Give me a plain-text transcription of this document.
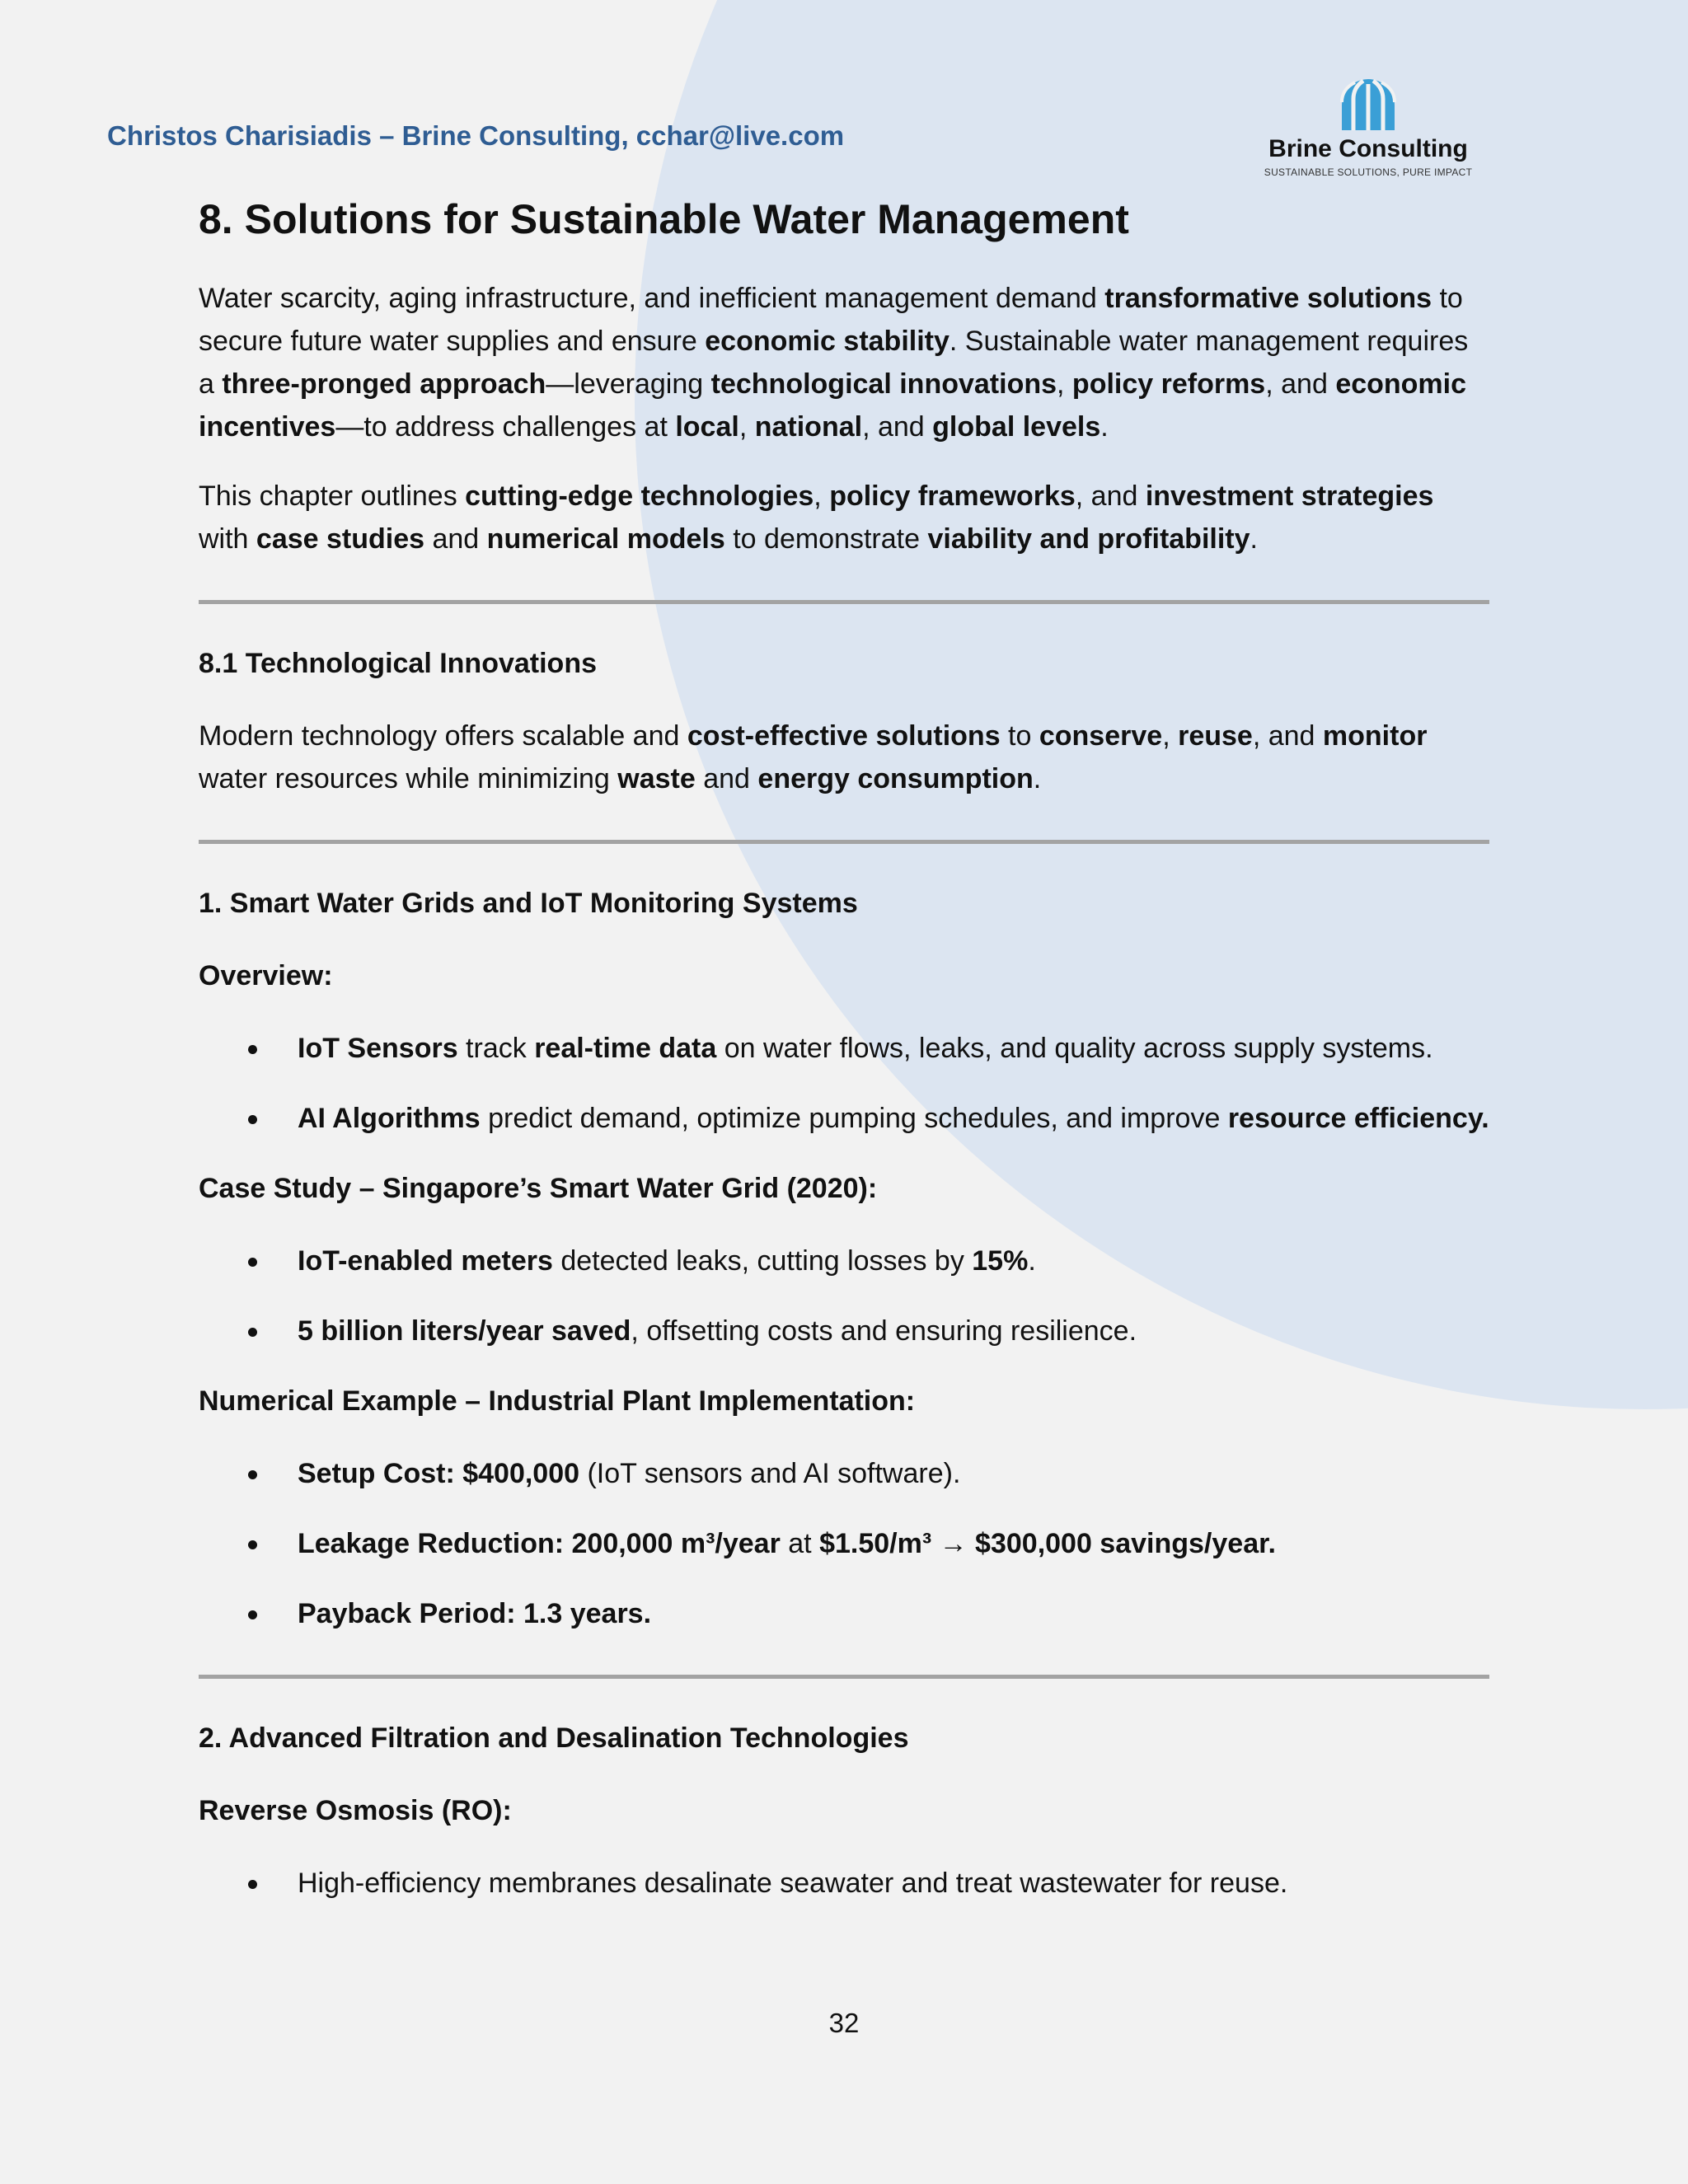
Christos Charisiadis – Brine Consulting, cchar@live.com	Brine Consulting
SUSTAINABLE SOLUTIONS, PURE IMPACT
8. Solutions for Sustainable Water Management

Water scarcity, aging infrastructure, and inefficient management demand transformative solutions to secure future water supplies and ensure economic stability. Sustainable water management requires a three-pronged approach—leveraging technological innovations, policy reforms, and economic incentives—to address challenges at local, national, and global levels.

This chapter outlines cutting-edge technologies, policy frameworks, and investment strategies with case studies and numerical models to demonstrate viability and profitability.

8.1 Technological Innovations

Modern technology offers scalable and cost-effective solutions to conserve, reuse, and monitor water resources while minimizing waste and energy consumption.

1. Smart Water Grids and IoT Monitoring Systems
Overview:
IoT Sensors track real-time data on water flows, leaks, and quality across supply systems.
AI Algorithms predict demand, optimize pumping schedules, and improve resource efficiency.
Case Study – Singapore’s Smart Water Grid (2020):
IoT-enabled meters detected leaks, cutting losses by 15%.
5 billion liters/year saved, offsetting costs and ensuring resilience.
Numerical Example – Industrial Plant Implementation:
Setup Cost: $400,000 (IoT sensors and AI software).
Leakage Reduction: 200,000 m³/year at $1.50/m³ → $300,000 savings/year.
Payback Period: 1.3 years.
2. Advanced Filtration and Desalination Technologies
Reverse Osmosis (RO):
High-efficiency membranes desalinate seawater and treat wastewater for reuse.
32
